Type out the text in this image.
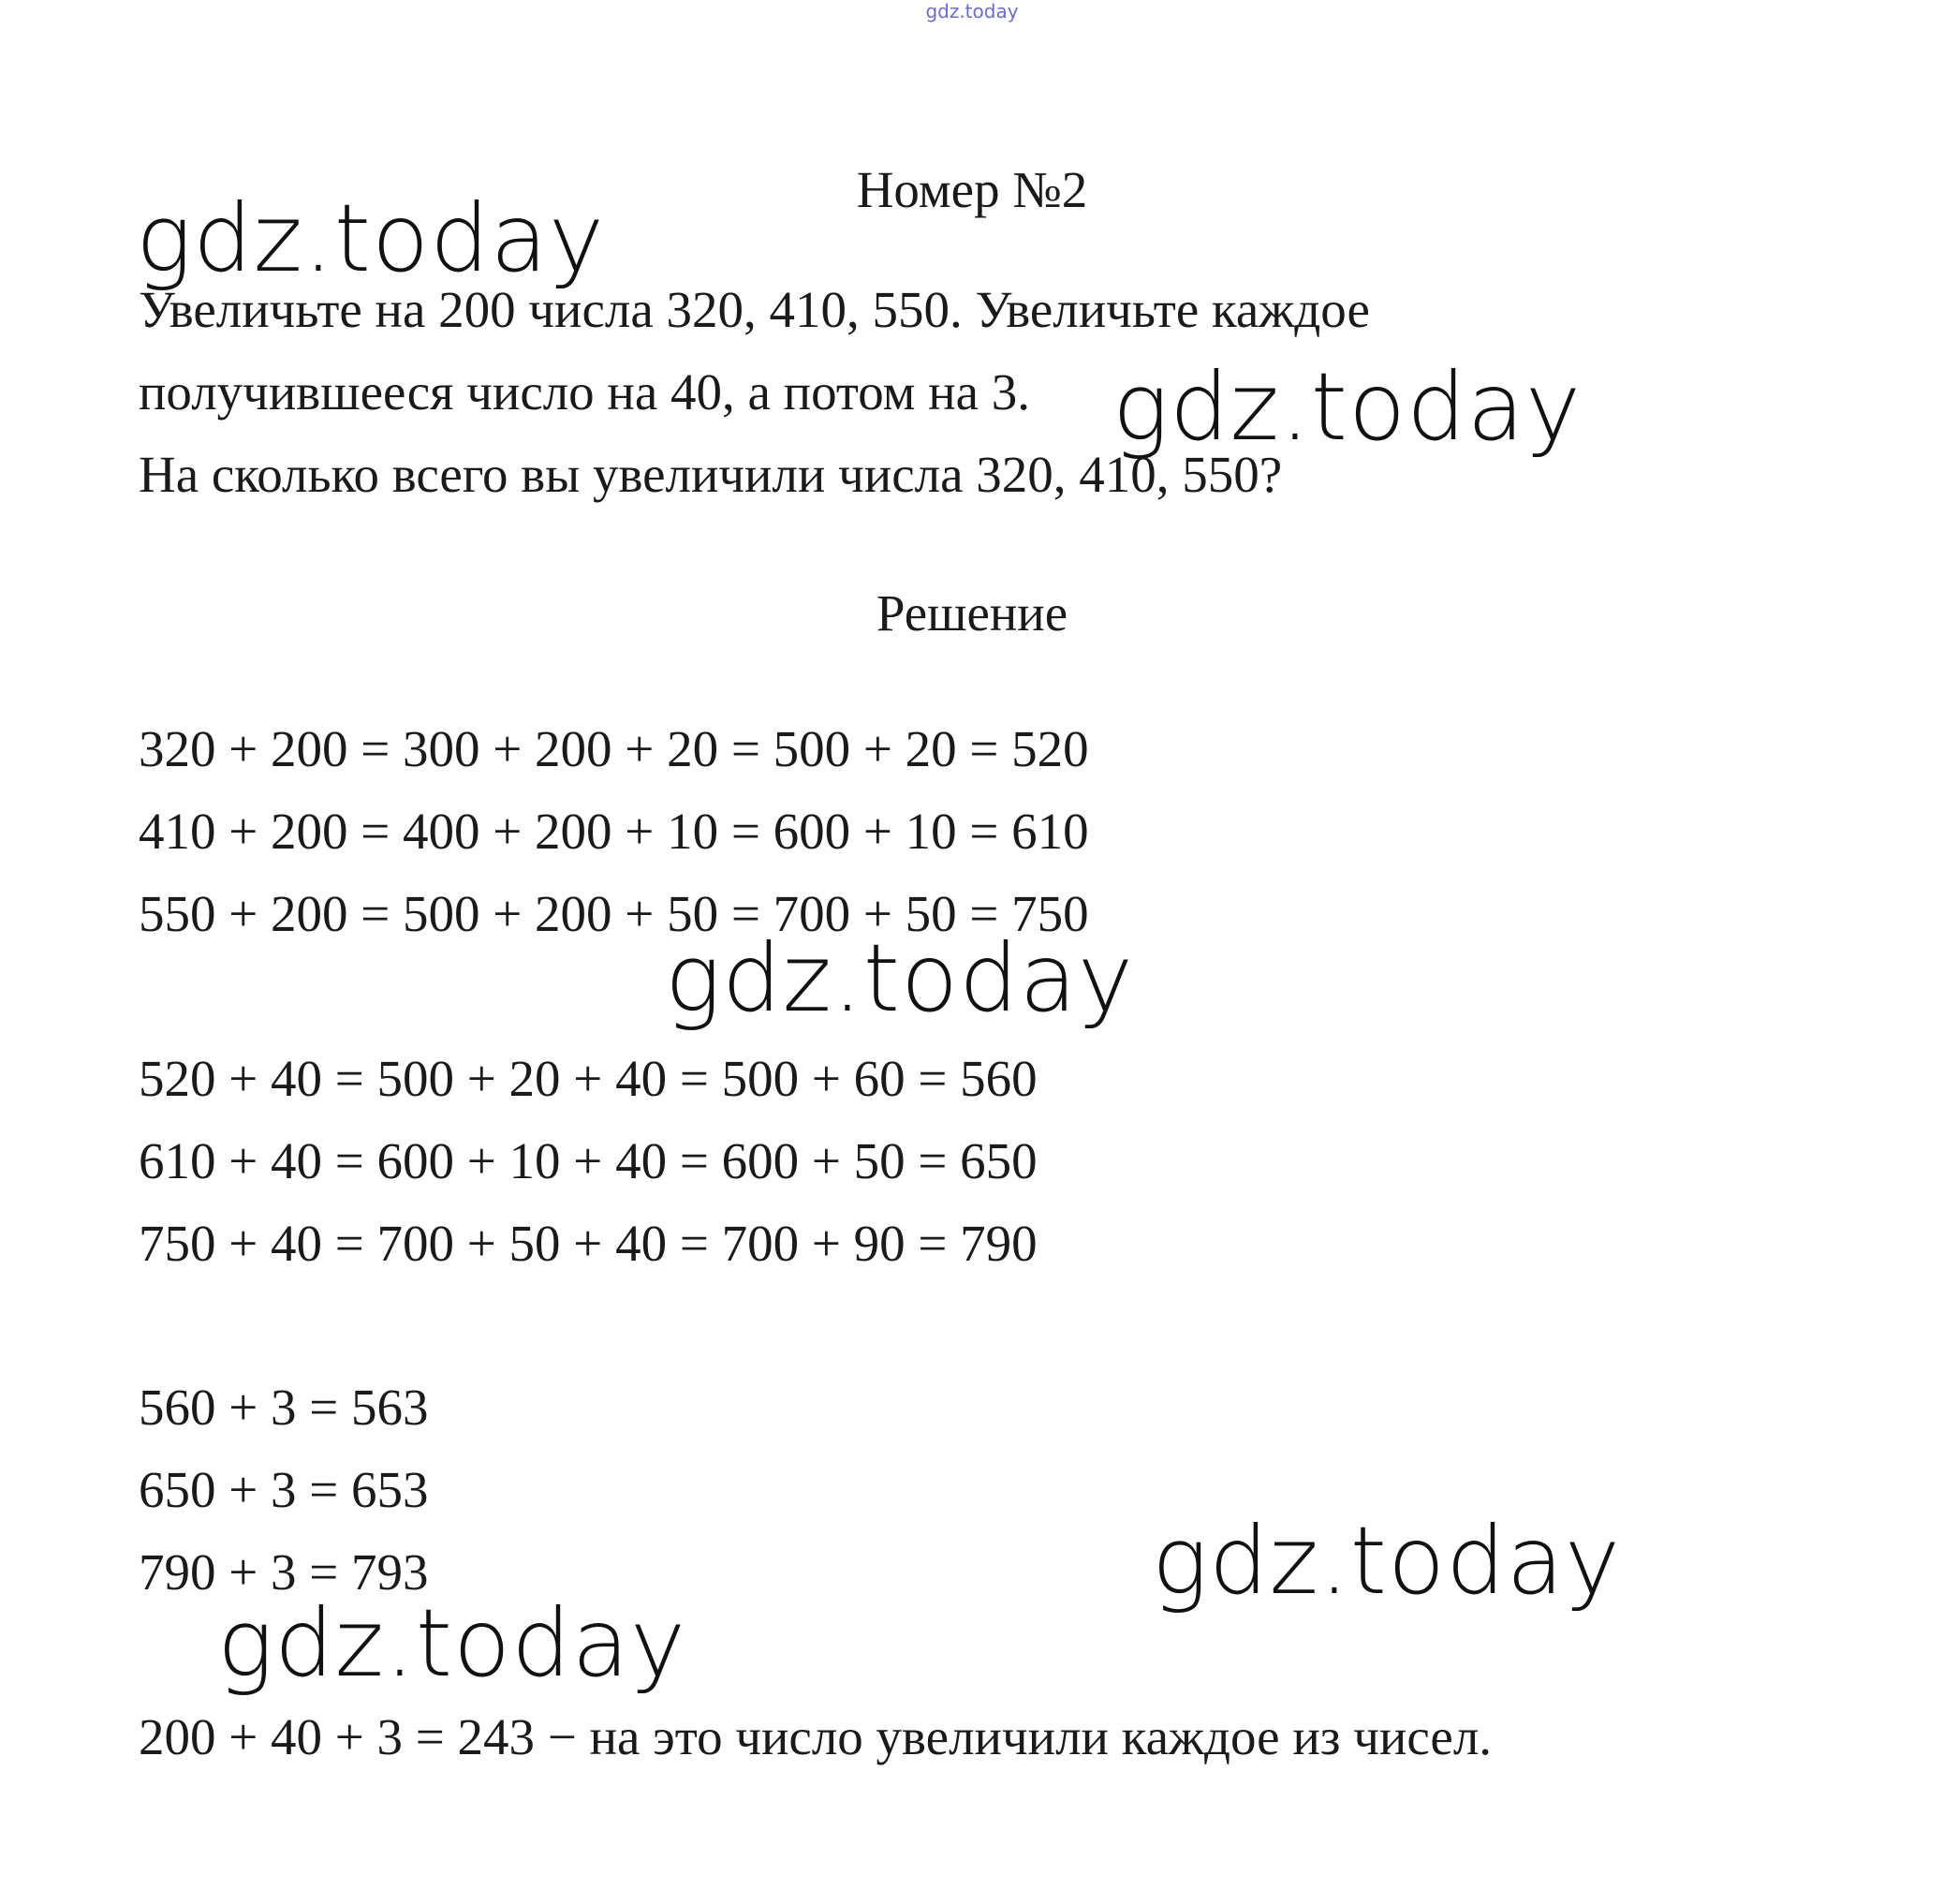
gdz.today
Номер №2
gdz.today
Увеличьте на 200 числа 320, 410, 550. Увеличьте каждое
получившееся число на 40, а потом на 3. gdz.today
На сколько всего вы увеличили числа 320, 410, 550?
Решение
320 + 200 = 300 + 200 + 20 = 500 + 20 = 520
410 + 200 = 400 + 200 + 10 = 600 + 10 = 610
550 + 200 = 500 + 200 + 50 = 700 + 50 = 750
gdz.today
520 + 40 = 500 + 20 + 40 = 500 + 60 = 560
610 + 40 = 600 + 10 + 40 = 600 + 50 = 650
750 + 40 = 700 + 50 + 40 = 700 + 90 = 790
560 + 3 = 563
650 + 3 = 653
790 + 3 = 793	gdz.today
gdz.today
200 + 40 + 3 = 243 − на это число увеличили каждое из чисел.
